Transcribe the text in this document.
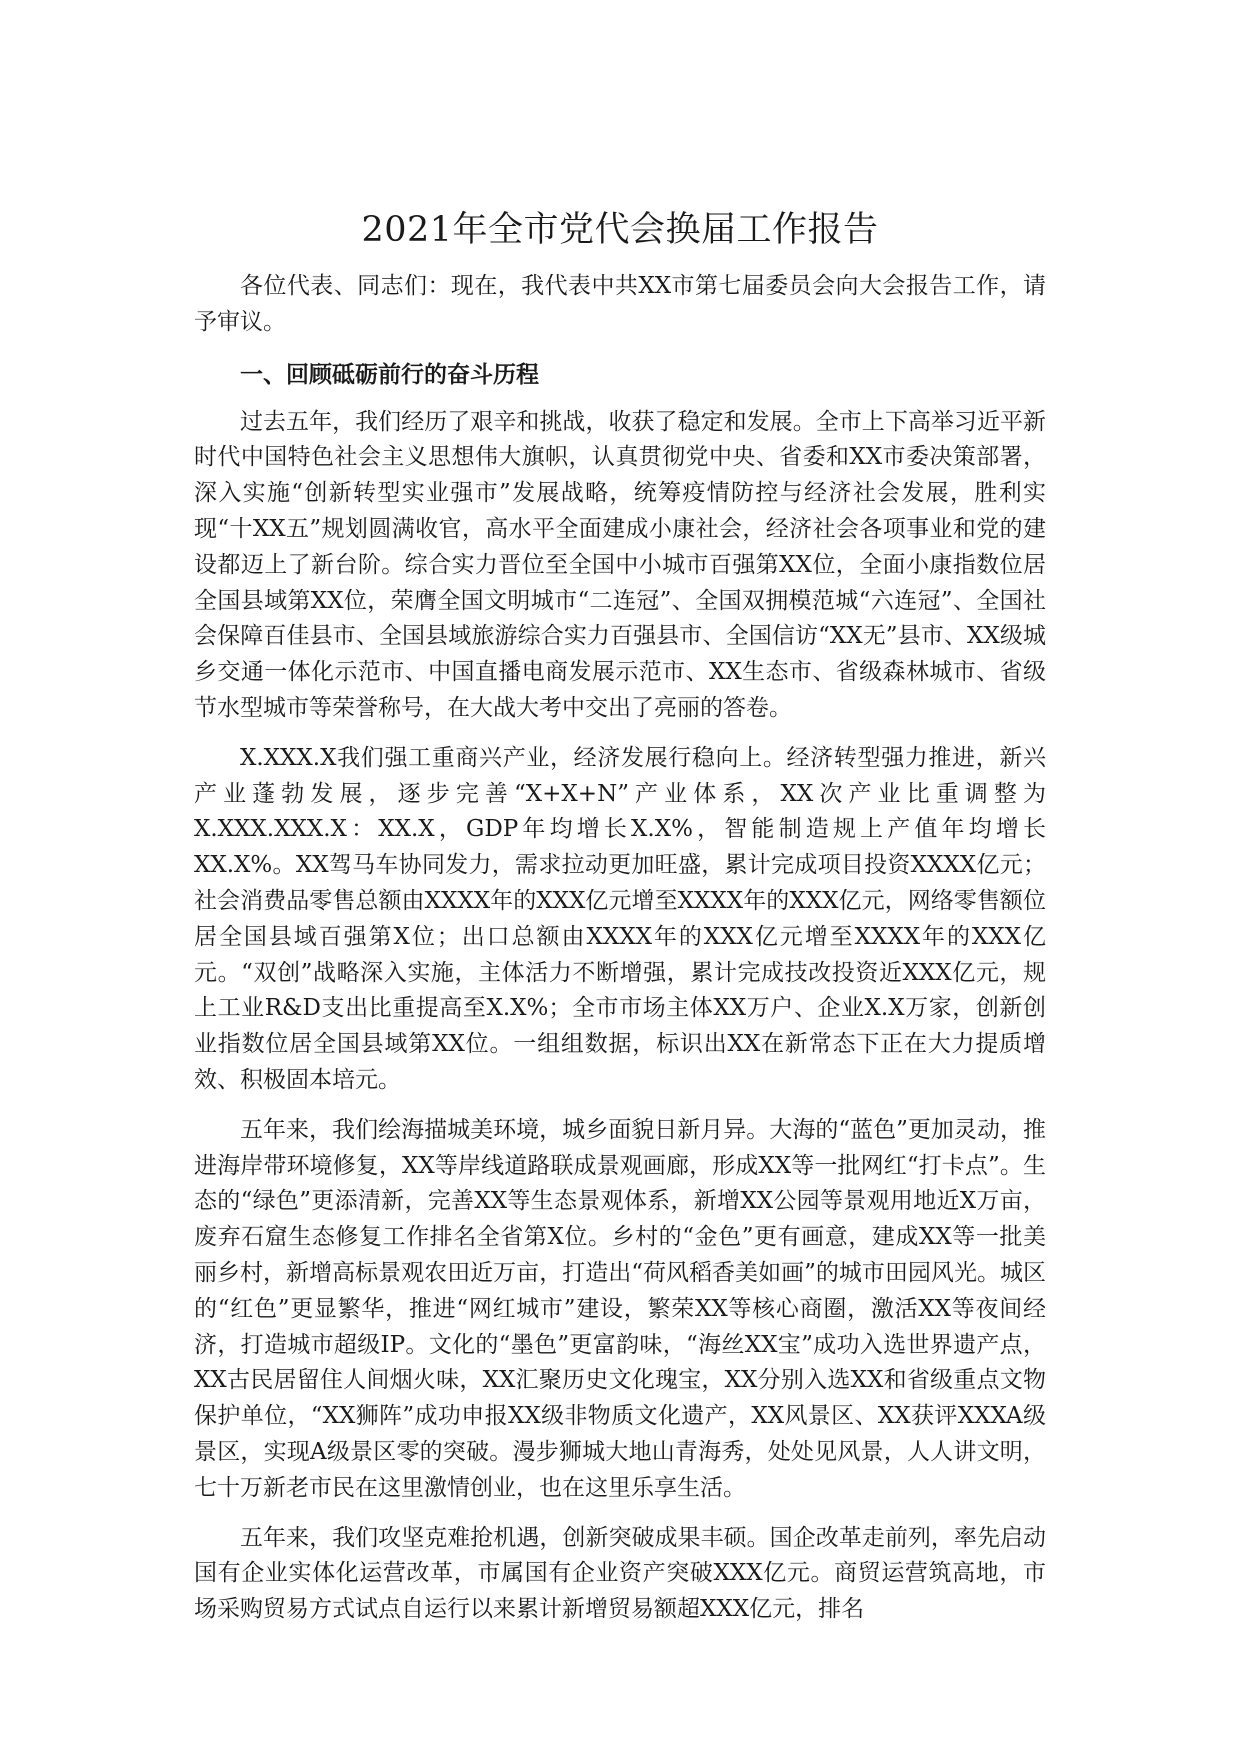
2021年全市党代会换届工作报告

各位代表、同志们：现在，我代表中共XX市第七届委员会向大会报告工作，请予审议。

一、回顾砥砺前行的奋斗历程

过去五年，我们经历了艰辛和挑战，收获了稳定和发展。全市上下高举习近平新时代中国特色社会主义思想伟大旗帜，认真贯彻党中央、省委和XX市委决策部署，深入实施“创新转型实业强市”发展战略，统筹疫情防控与经济社会发展，胜利实现“十XX五”规划圆满收官，高水平全面建成小康社会，经济社会各项事业和党的建设都迈上了新台阶。综合实力晋位至全国中小城市百强第XX位，全面小康指数位居全国县域第XX位，荣膺全国文明城市“二连冠”、全国双拥模范城“六连冠”、全国社会保障百佳县市、全国县域旅游综合实力百强县市、全国信访“XX无”县市、XX级城乡交通一体化示范市、中国直播电商发展示范市、XX生态市、省级森林城市、省级节水型城市等荣誉称号，在大战大考中交出了亮丽的答卷。

X.XXX.X我们强工重商兴产业，经济发展行稳向上。经济转型强力推进，新兴产业蓬勃发展，逐步完善“X+X+N”产业体系，XX次产业比重调整为X.XXX.XXX.X：XX.X，GDP年均增长X.X%，智能制造规上产值年均增长XX.X%。XX驾马车协同发力，需求拉动更加旺盛，累计完成项目投资XXXX亿元；社会消费品零售总额由XXXX年的XXX亿元增至XXXX年的XXX亿元，网络零售额位居全国县域百强第X位；出口总额由XXXX年的XXX亿元增至XXXX年的XXX亿元。“双创”战略深入实施，主体活力不断增强，累计完成技改投资近XXX亿元，规上工业R&D支出比重提高至X.X%；全市市场主体XX万户、企业X.X万家，创新创业指数位居全国县域第XX位。一组组数据，标识出XX在新常态下正在大力提质增效、积极固本培元。

五年来，我们绘海描城美环境，城乡面貌日新月异。大海的“蓝色”更加灵动，推进海岸带环境修复，XX等岸线道路联成景观画廊，形成XX等一批网红“打卡点”。生态的“绿色”更添清新，完善XX等生态景观体系，新增XX公园等景观用地近X万亩，废弃石窟生态修复工作排名全省第X位。乡村的“金色”更有画意，建成XX等一批美丽乡村，新增高标景观农田近万亩，打造出“荷风稻香美如画”的城市田园风光。城区的“红色”更显繁华，推进“网红城市”建设，繁荣XX等核心商圈，激活XX等夜间经济，打造城市超级IP。文化的“墨色”更富韵味，“海丝XX宝”成功入选世界遗产点，XX古民居留住人间烟火味，XX汇聚历史文化瑰宝，XX分别入选XX和省级重点文物保护单位，“XX狮阵”成功申报XX级非物质文化遗产，XX风景区、XX获评XXXA级景区，实现A级景区零的突破。漫步狮城大地山青海秀，处处见风景，人人讲文明，七十万新老市民在这里激情创业，也在这里乐享生活。

五年来，我们攻坚克难抢机遇，创新突破成果丰硕。国企改革走前列，率先启动国有企业实体化运营改革，市属国有企业资产突破XXX亿元。商贸运营筑高地，市场采购贸易方式试点自运行以来累计新增贸易额超XXX亿元，排名
